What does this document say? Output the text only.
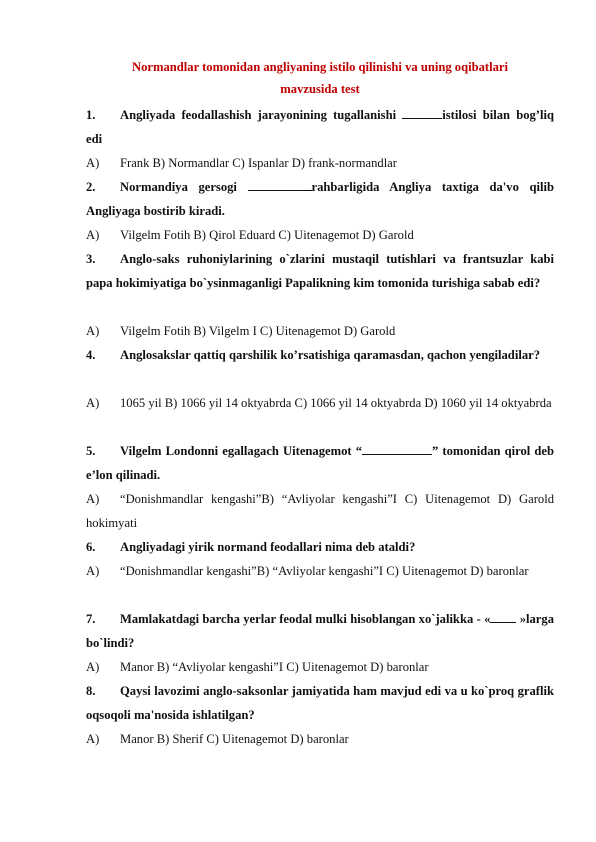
Normandlar tomonidan angliyaning istilo qilinishi va uning oqibatlari
mavzusida test
1. Angliyada feodallashish jarayonining tugallanishi	istilosi bilan bog’liq edi
A) Frank B) Normandlar C) Ispanlar D) frank-normandlar
2. Normandiya gersogi	rahbarligida Angliya taxtiga da'vo qilib Angliyaga bostirib kiradi.
A) Vilgelm Fotih B) Qirol Eduard C) Uitenagemot D) Garold
3. Anglo-saks ruhoniylarining o`zlarini mustaqil tutishlari va frantsuzlar kabi papa hokimiyatiga bo`ysinmaganligi Papalikning kim tomonida turishiga sabab edi?
A) Vilgelm Fotih B) Vilgelm I C) Uitenagemot D) Garold
4. Anglosakslar qattiq qarshilik ko’rsatishiga qaramasdan, qachon yengiladilar?
A) 1065 yil B) 1066 yil 14 oktyabrda C) 1066 yil 14 oktyabrda D) 1060 yil 14 oktyabrda
5. Vilgelm Londonni egallagach Uitenagemot “	” tomonidan qirol deb e’lon qilinadi.
A) “Donishmandlar kengashi”B) “Avliyolar kengashi”I C) Uitenagemot D) Garold hokimyati
6. Angliyadagi yirik normand feodallari nima deb ataldi?
A) “Donishmandlar kengashi”B) “Avliyolar kengashi”I C) Uitenagemot D) baronlar
7. Mamlakatdagi barcha yerlar feodal mulki hisoblangan xo`jalikka - « »larga bo`lindi?
A) Manor B) “Avliyolar kengashi”I C) Uitenagemot D) baronlar
8. Qaysi lavozimi anglo-saksonlar jamiyatida ham mavjud edi va u ko`proq graflik oqsoqoli ma'nosida ishlatilgan?
A) Manor B) Sherif C) Uitenagemot D) baronlar
